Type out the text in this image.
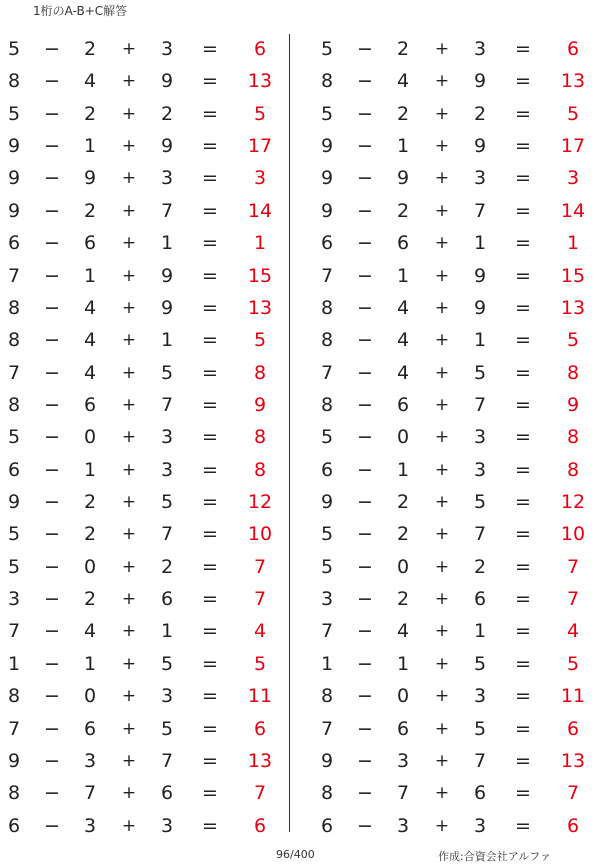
1桁のA-B+C解答
5	−	2	+	3	=	6
8	−	4	+	9	=	13
5	−	2	+	2	=	5
9	−	1	+	9	=	17
9	−	9	+	3	=	3
9	−	2	+	7	=	14
6	−	6	+	1	=	1
7	−	1	+	9	=	15
8	−	4	+	9	=	13
8	−	4	+	1	=	5
7	−	4	+	5	=	8
8	−	6	+	7	=	9
5	−	0	+	3	=	8
6	−	1	+	3	=	8
9	−	2	+	5	=	12
5	−	2	+	7	=	10
5	−	0	+	2	=	7
3	−	2	+	6	=	7
7	−	4	+	1	=	4
1	−	1	+	5	=	5
8	−	0	+	3	=	11
7	−	6	+	5	=	6
9	−	3	+	7	=	13
8	−	7	+	6	=	7
6	−	3	+	3	=	6
5	−	2	+	3	=	6
8	−	4	+	9	=	13
5	−	2	+	2	=	5
9	−	1	+	9	=	17
9	−	9	+	3	=	3
9	−	2	+	7	=	14
6	−	6	+	1	=	1
7	−	1	+	9	=	15
8	−	4	+	9	=	13
8	−	4	+	1	=	5
7	−	4	+	5	=	8
8	−	6	+	7	=	9
5	−	0	+	3	=	8
6	−	1	+	3	=	8
9	−	2	+	5	=	12
5	−	2	+	7	=	10
5	−	0	+	2	=	7
3	−	2	+	6	=	7
7	−	4	+	1	=	4
1	−	1	+	5	=	5
8	−	0	+	3	=	11
7	−	6	+	5	=	6
9	−	3	+	7	=	13
8	−	7	+	6	=	7
6	−	3	+	3	=	6
96/400	作成:合資会社アルファ
